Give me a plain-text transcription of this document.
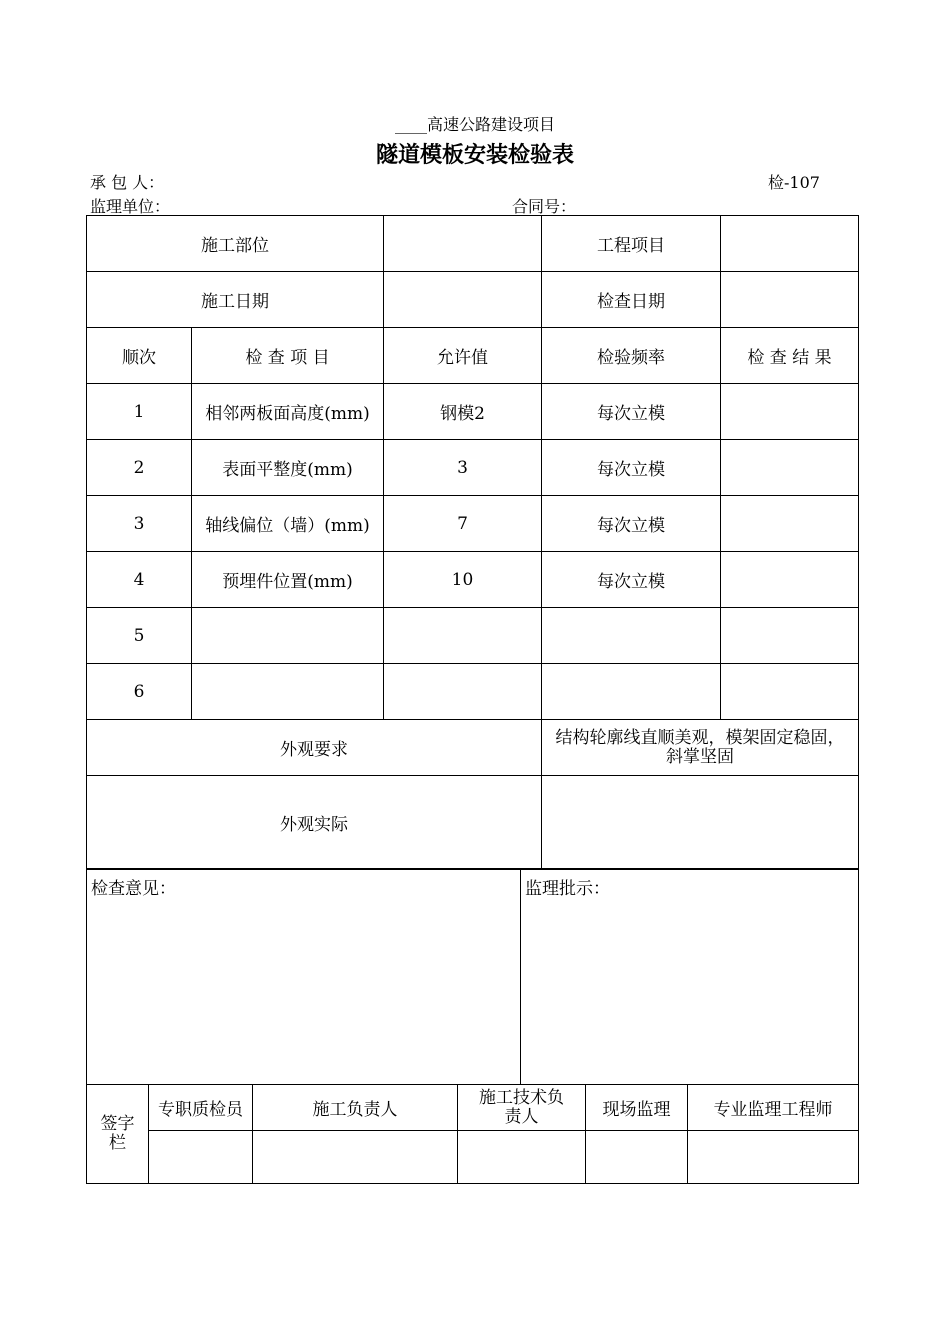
____高速公路建设项目
隧道模板安装检验表
承 包 人：	检-107
监理单位：	合同号：
施工部位			工程项目	
施工日期			检查日期	
顺次	检 查 项 目	允许值	检验频率	检 查 结 果
1	相邻两板面高度(mm)	钢模2	每次立模	
2	表面平整度(mm)	3	每次立模	
3	轴线偏位（墙）(mm)	7	每次立模	
4	预埋件位置(mm)	10	每次立模	
5				
6				
外观要求			结构轮廓线直顺美观，模架固定稳固，斜掌坚固	
外观实际				
检查意见：	监理批示：
签字栏	专职质检员	施工负责人	施工技术负责人	现场监理	专业监理工程师
